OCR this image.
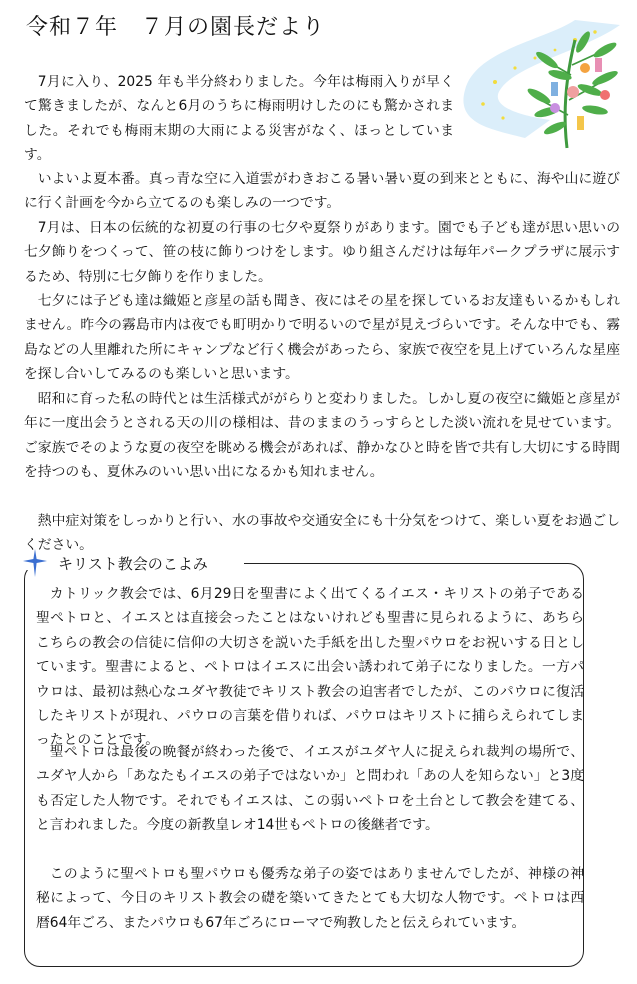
令和７年　７月の園長だより

7月に入り、2025 年も半分終わりました。今年は梅雨入りが早くて驚きましたが、なんと6月のうちに梅雨明けしたのにも驚かされました。それでも梅雨末期の大雨による災害がなく、ほっとしています。

いよいよ夏本番。真っ青な空に入道雲がわきおこる暑い暑い夏の到来とともに、海や山に遊びに行く計画を今から立てるのも楽しみの一つです。

7月は、日本の伝統的な初夏の行事の七夕や夏祭りがあります。園でも子ども達が思い思いの七夕飾りをつくって、笹の枝に飾りつけをします。ゆり組さんだけは毎年パークプラザに展示するため、特別に七夕飾りを作りました。

七夕には子ども達は織姫と彦星の話も聞き、夜にはその星を探しているお友達もいるかもしれません。昨今の霧島市内は夜でも町明かりで明るいので星が見えづらいです。そんな中でも、霧島などの人里離れた所にキャンプなど行く機会があったら、家族で夜空を見上げていろんな星座を探し合いしてみるのも楽しいと思います。

昭和に育った私の時代とは生活様式ががらりと変わりました。しかし夏の夜空に織姫と彦星が年に一度出会うとされる天の川の様相は、昔のままのうっすらとした淡い流れを見せています。ご家族でそのような夏の夜空を眺める機会があれば、静かなひと時を皆で共有し大切にする時間を持つのも、夏休みのいい思い出になるかも知れません。

熱中症対策をしっかりと行い、水の事故や交通安全にも十分気をつけて、楽しい夏をお過ごしください。

キリスト教会のこよみ

カトリック教会では、6月29日を聖書によく出てくるイエス・キリストの弟子である聖ペトロと、イエスとは直接会ったことはないけれども聖書に見られるように、あちらこちらの教会の信徒に信仰の大切さを説いた手紙を出した聖パウロをお祝いする日としています。聖書によると、ペトロはイエスに出会い誘われて弟子になりました。一方パウロは、最初は熱心なユダヤ教徒でキリスト教会の迫害者でしたが、このパウロに復活したキリストが現れ、パウロの言葉を借りれば、パウロはキリストに捕らえられてしまったとのことです。

聖ペトロは最後の晩餐が終わった後で、イエスがユダヤ人に捉えられ裁判の場所で、ユダヤ人から「あなたもイエスの弟子ではないか」と問われ「あの人を知らない」と3度も否定した人物です。それでもイエスは、この弱いペトロを土台として教会を建てる、と言われました。今度の新教皇レオ14世もペトロの後継者です。

このように聖ペトロも聖パウロも優秀な弟子の姿ではありませんでしたが、神様の神秘によって、今日のキリスト教会の礎を築いてきたとても大切な人物です。ペトロは西暦64年ごろ、またパウロも67年ごろにローマで殉教したと伝えられています。
